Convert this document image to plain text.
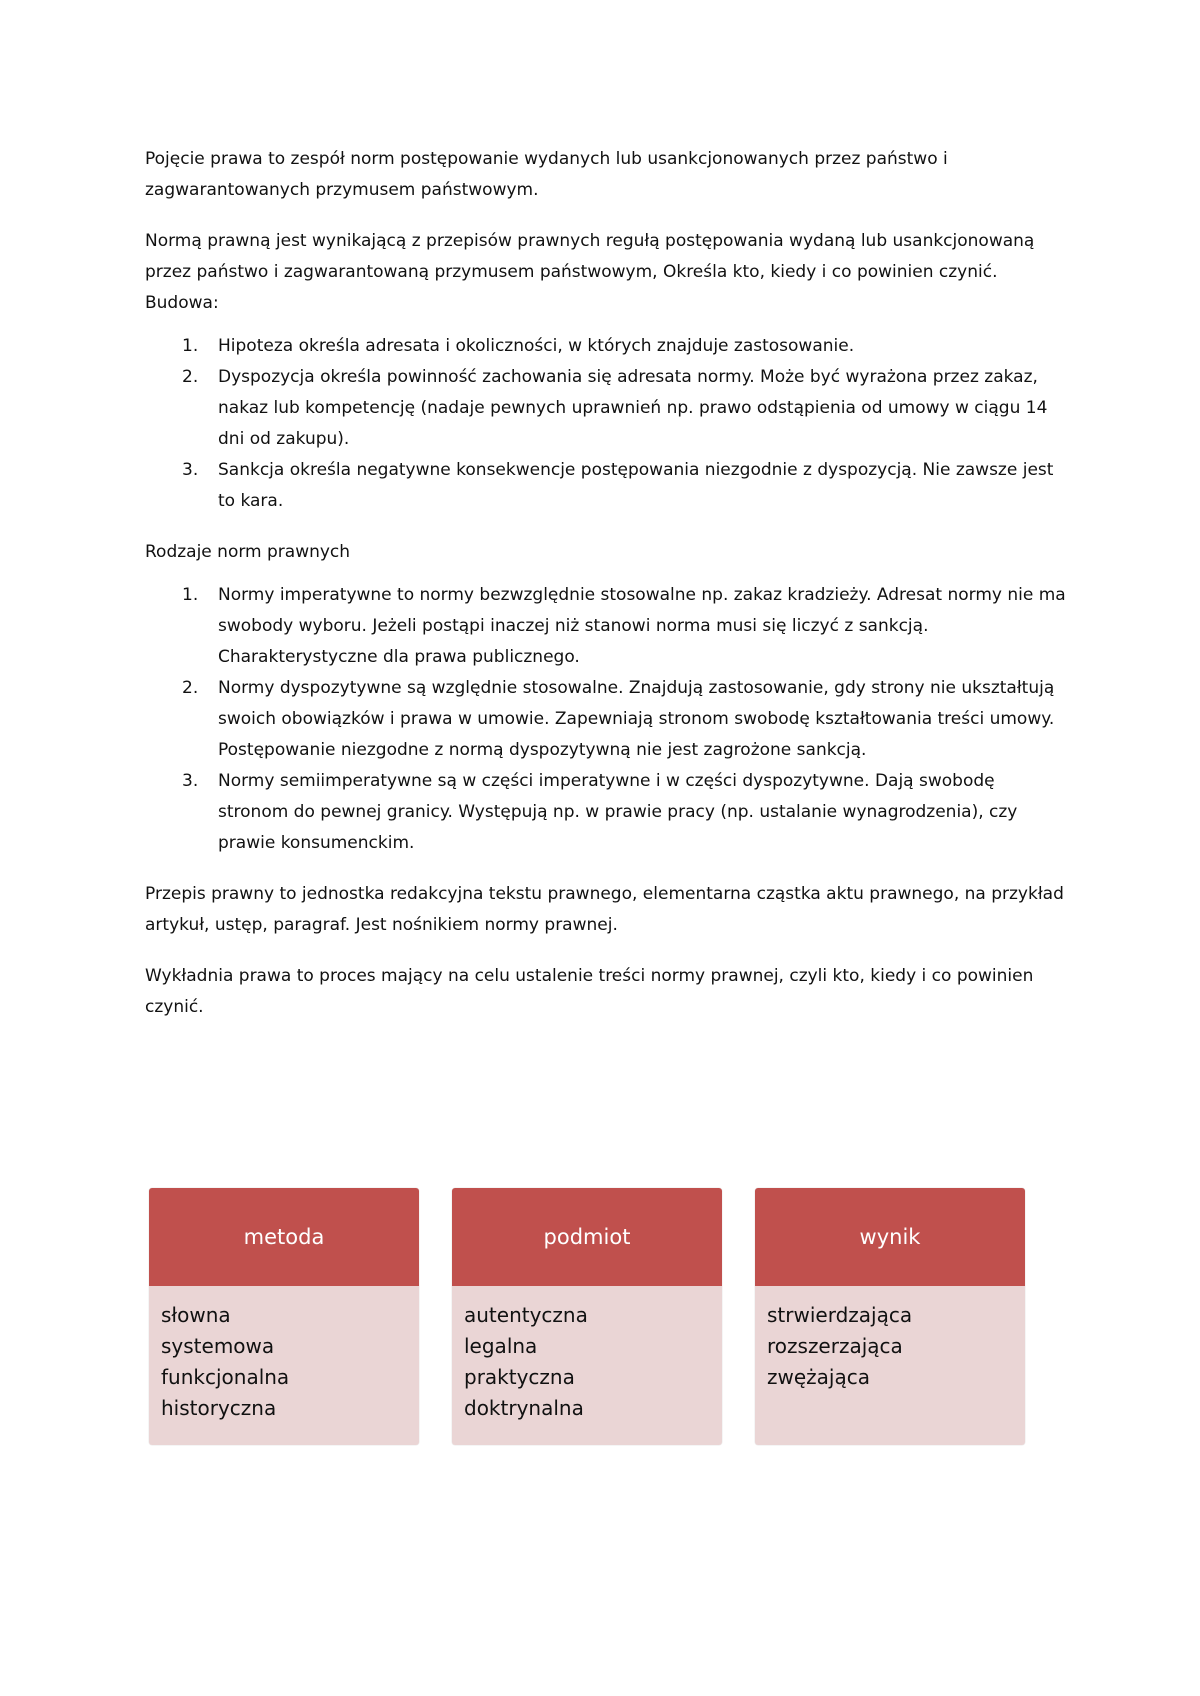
Pojęcie prawa to zespół norm postępowanie wydanych lub usankcjonowanych przez państwo i zagwarantowanych przymusem państwowym.

Normą prawną jest wynikającą z przepisów prawnych regułą postępowania wydaną lub usankcjonowaną przez państwo i zagwarantowaną przymusem państwowym, Określa kto, kiedy i co powinien czynić.

Budowa:

1. Hipoteza określa adresata i okoliczności, w których znajduje zastosowanie.
2. Dyspozycja określa powinność zachowania się adresata normy. Może być wyrażona przez zakaz, nakaz lub kompetencję (nadaje pewnych uprawnień np. prawo odstąpienia od umowy w ciągu 14 dni od zakupu).
3. Sankcja określa negatywne konsekwencje postępowania niezgodnie z dyspozycją. Nie zawsze jest to kara.

Rodzaje norm prawnych

1. Normy imperatywne to normy bezwzględnie stosowalne np. zakaz kradzieży. Adresat normy nie ma swobody wyboru. Jeżeli postąpi inaczej niż stanowi norma musi się liczyć z sankcją. Charakterystyczne dla prawa publicznego.
2. Normy dyspozytywne są względnie stosowalne. Znajdują zastosowanie, gdy strony nie ukształtują swoich obowiązków i prawa w umowie. Zapewniają stronom swobodę kształtowania treści umowy. Postępowanie niezgodne z normą dyspozytywną nie jest zagrożone sankcją.
3. Normy semiimperatywne są w części imperatywne i w części dyspozytywne. Dają swobodę stronom do pewnej granicy. Występują np. w prawie pracy (np. ustalanie wynagrodzenia), czy prawie konsumenckim.

Przepis prawny to jednostka redakcyjna tekstu prawnego, elementarna cząstka aktu prawnego, na przykład artykuł, ustęp, paragraf. Jest nośnikiem normy prawnej.

Wykładnia prawa to proces mający na celu ustalenie treści normy prawnej, czyli kto, kiedy i co powinien czynić.

metoda
słowna
systemowa
funkcjonalna
historyczna
podmiot
autentyczna
legalna
praktyczna
doktrynalna
wynik
strwierdzająca
rozszerzająca
zwężająca
